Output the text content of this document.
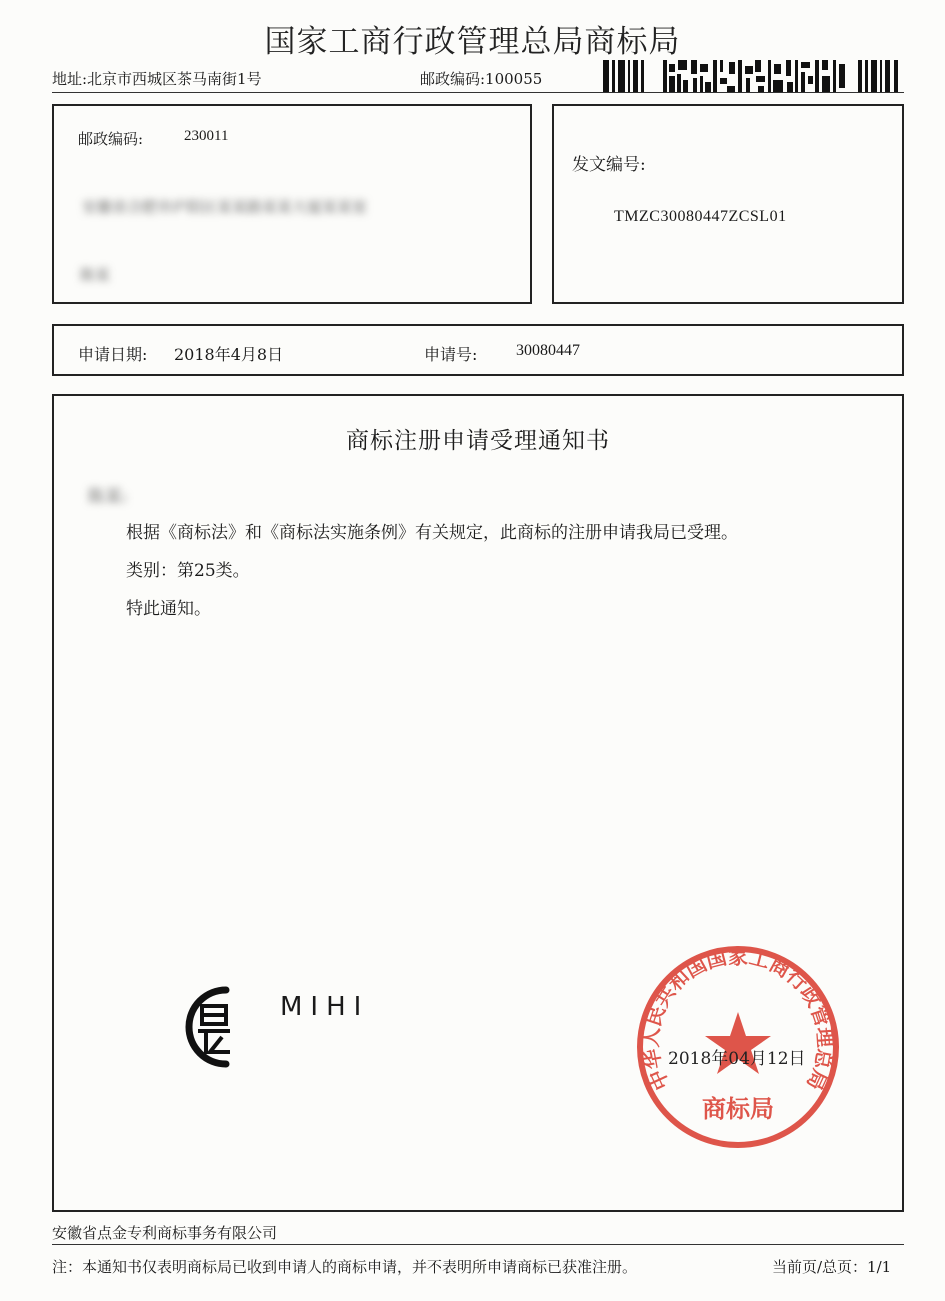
国家工商行政管理总局商标局
地址:北京市西城区茶马南街1号	邮政编码:100055
邮政编码:	230011
安徽省合肥市庐阳区某某路某某大厦某某室
陈某
发文编号:
TMZC30080447ZCSL01
申请日期: 2018年4月8日	申请号: 30080447
商标注册申请受理通知书
陈某:
根据《商标法》和《商标法实施条例》有关规定，此商标的注册申请我局已受理。
类别：第25类。
特此通知。
MIHI
中华人民共和国国家工商行政管理总局
商标局
2018年04月12日
安徽省点金专利商标事务有限公司
注：本通知书仅表明商标局已收到申请人的商标申请，并不表明所申请商标已获准注册。	当前页/总页：1/1
